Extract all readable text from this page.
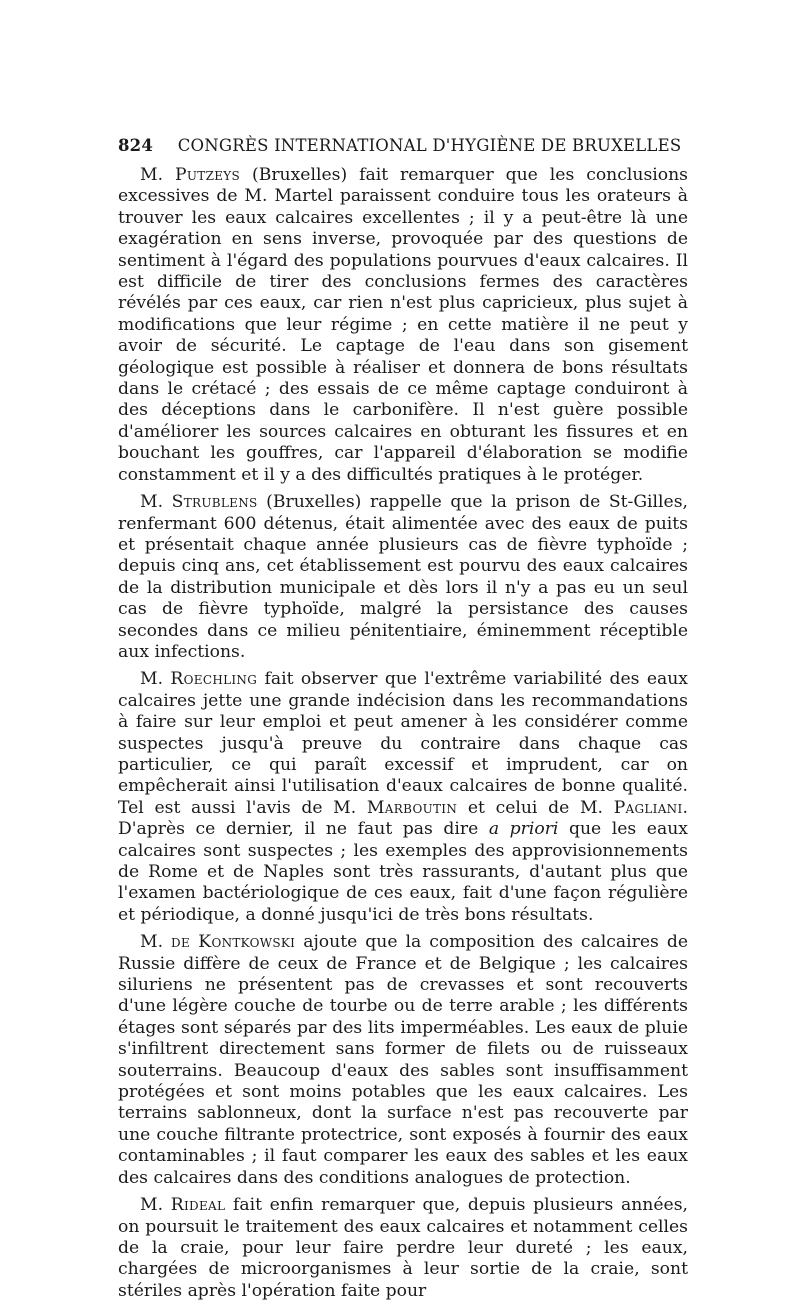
824	CONGRÈS INTERNATIONAL D'HYGIÈNE DE BRUXELLES

M. Putzeys (Bruxelles) fait remarquer que les conclusions excessives de M. Martel paraissent conduire tous les orateurs à trouver les eaux calcaires excellentes ; il y a peut-être là une exagération en sens inverse, provoquée par des questions de sentiment à l'égard des populations pourvues d'eaux calcaires. Il est difficile de tirer des conclusions fermes des caractères révélés par ces eaux, car rien n'est plus capricieux, plus sujet à modifications que leur régime ; en cette matière il ne peut y avoir de sécurité. Le captage de l'eau dans son gisement géologique est possible à réaliser et donnera de bons résultats dans le crétacé ; des essais de ce même captage conduiront à des déceptions dans le carbonifère. Il n'est guère possible d'améliorer les sources calcaires en obturant les fissures et en bouchant les gouffres, car l'appareil d'élaboration se modifie constamment et il y a des difficultés pratiques à le protéger.

M. Strublens (Bruxelles) rappelle que la prison de St-Gilles, renfermant 600 détenus, était alimentée avec des eaux de puits et présentait chaque année plusieurs cas de fièvre typhoïde ; depuis cinq ans, cet établissement est pourvu des eaux calcaires de la distribution municipale et dès lors il n'y a pas eu un seul cas de fièvre typhoïde, malgré la persistance des causes secondes dans ce milieu pénitentiaire, éminemment réceptible aux infections.

M. Roechling fait observer que l'extrême variabilité des eaux calcaires jette une grande indécision dans les recommandations à faire sur leur emploi et peut amener à les considérer comme suspectes jusqu'à preuve du contraire dans chaque cas particulier, ce qui paraît excessif et imprudent, car on empêcherait ainsi l'utilisation d'eaux calcaires de bonne qualité. Tel est aussi l'avis de M. Marboutin et celui de M. Pagliani. D'après ce dernier, il ne faut pas dire a priori que les eaux calcaires sont suspectes ; les exemples des approvisionnements de Rome et de Naples sont très rassurants, d'autant plus que l'examen bactériologique de ces eaux, fait d'une façon régulière et périodique, a donné jusqu'ici de très bons résultats.

M. de Kontkowski ajoute que la composition des calcaires de Russie diffère de ceux de France et de Belgique ; les calcaires siluriens ne présentent pas de crevasses et sont recouverts d'une légère couche de tourbe ou de terre arable ; les différents étages sont séparés par des lits imperméables. Les eaux de pluie s'infiltrent directement sans former de filets ou de ruisseaux souterrains. Beaucoup d'eaux des sables sont insuffisamment protégées et sont moins potables que les eaux calcaires. Les terrains sablonneux, dont la surface n'est pas recouverte par une couche filtrante protectrice, sont exposés à fournir des eaux contaminables ; il faut comparer les eaux des sables et les eaux des calcaires dans des conditions analogues de protection.

M. Rideal fait enfin remarquer que, depuis plusieurs années, on poursuit le traitement des eaux calcaires et notamment celles de la craie, pour leur faire perdre leur dureté ; les eaux, chargées de microorganismes à leur sortie de la craie, sont stériles après l'opération faite pour
